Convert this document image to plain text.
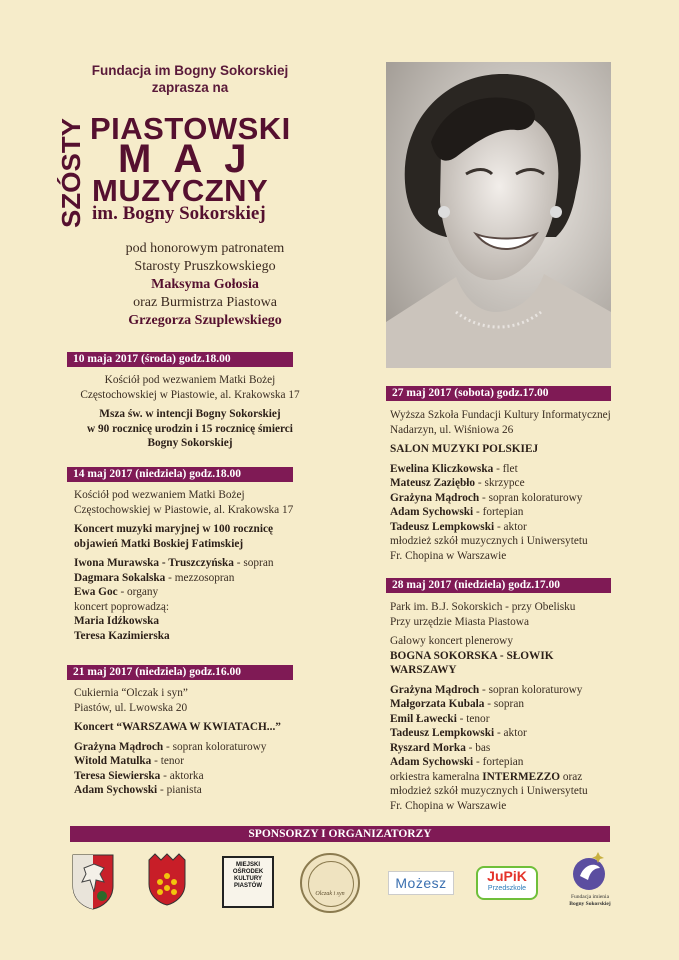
Fundacja im Bogny Sokorskiej
zaprasza na
SZÓSTY PIASTOWSKI
MAJ
MUZYCZNY
im. Bogny Sokorskiej
pod honorowym patronatem
Starosty Pruszkowskiego
Maksyma Gołosia
oraz Burmistrza Piastowa
Grzegorza Szuplewskiego
10 maja 2017 (środa) godz.18.00
Kościół pod wezwaniem Matki Bożej
Częstochowskiej w Piastowie, al. Krakowska 17
Msza św. w intencji Bogny Sokorskiej
w 90 rocznicę urodzin i 15 rocznicę śmierci
Bogny Sokorskiej
14 maj 2017 (niedziela) godz.18.00
Kościół pod wezwaniem Matki Bożej
Częstochowskiej w Piastowie, al. Krakowska 17
Koncert muzyki maryjnej w 100 rocznicę
objawień Matki Boskiej Fatimskiej
Iwona Murawska - Truszczyńska - sopran
Dagmara Sokalska - mezzosopran
Ewa Goc - organy
koncert poprowadzą:
Maria Idźkowska
Teresa Kazimierska
21 maj 2017 (niedziela) godz.16.00
Cukiernia “Olczak i syn”
Piastów, ul. Lwowska 20
Koncert “WARSZAWA W KWIATACH...”
Grażyna Mądroch - sopran koloraturowy
Witold Matulka - tenor
Teresa Siewierska - aktorka
Adam Sychowski - pianista
27 maj 2017 (sobota) godz.17.00
Wyższa Szkoła Fundacji Kultury Informatycznej
Nadarzyn, ul. Wiśniowa 26
SALON MUZYKI POLSKIEJ
Ewelina Kliczkowska - flet
Mateusz Zaziębło - skrzypce
Grażyna Mądroch - sopran koloraturowy
Adam Sychowski - fortepian
Tadeusz Lempkowski - aktor
młodzież szkół muzycznych i Uniwersytetu
Fr. Chopina w Warszawie
28 maj 2017 (niedziela) godz.17.00
Park im. B.J. Sokorskich - przy Obelisku
Przy urzędzie Miasta Piastowa
Galowy koncert plenerowy
BOGNA SOKORSKA - SŁOWIK
WARSZAWY
Grażyna Mądroch - sopran koloraturowy
Małgorzata Kubala - sopran
Emil Ławecki - tenor
Tadeusz Lempkowski - aktor
Ryszard Morka - bas
Adam Sychowski - fortepian
orkiestra kameralna INTERMEZZO oraz
młodzież szkół muzycznych i Uniwersytetu
Fr. Chopina w Warszawie
SPONSORZY I ORGANIZATORZY
MIEJSKI OŚRODEK KULTURY PIASTÓW
Olczak i syn
Możesz	JuPiK
Przedszkole
Fundacja imienia
Bogny Sokorskiej
